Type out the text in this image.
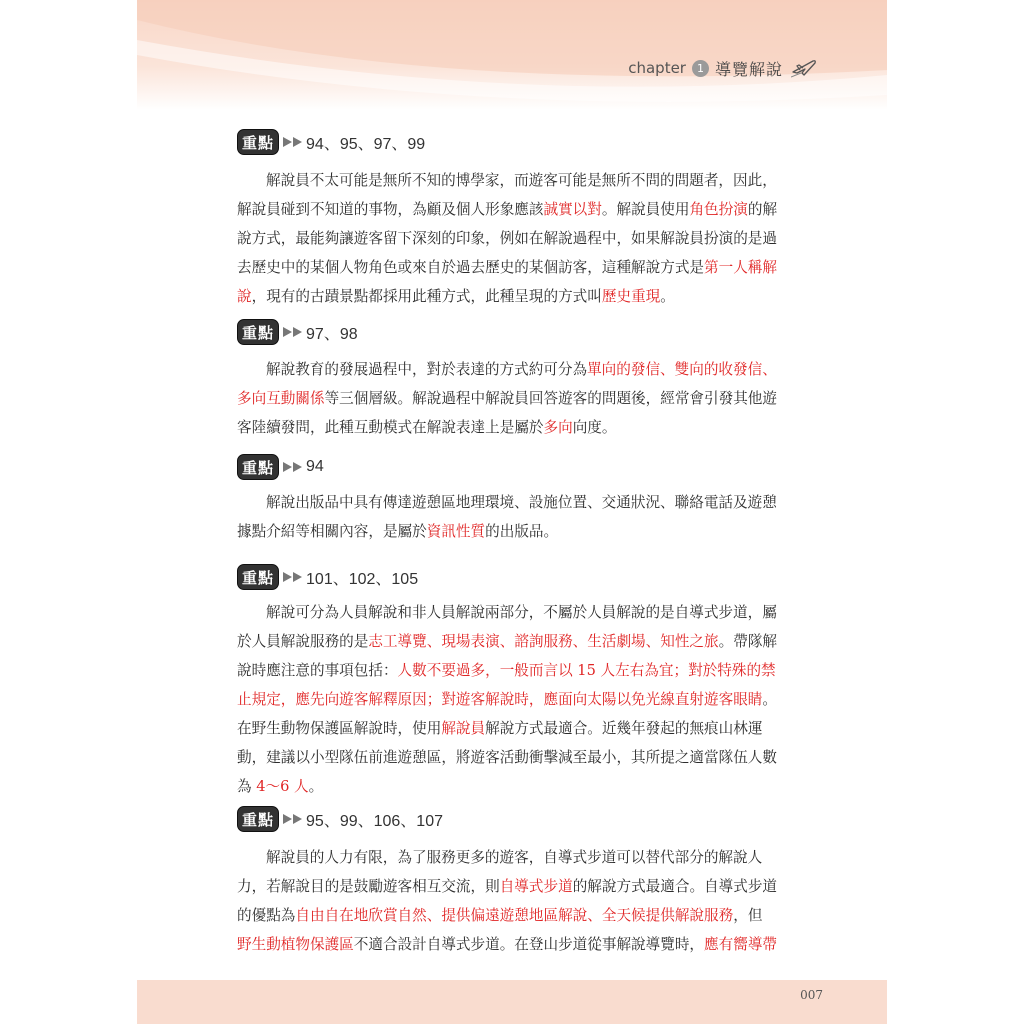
chapter	1 導覽解說
重點	94、95、97、99
解說員不太可能是無所不知的博學家，而遊客可能是無所不問的問題者，因此，
解說員碰到不知道的事物，為顧及個人形象應該誠實以對。解說員使用角色扮演的解
說方式，最能夠讓遊客留下深刻的印象，例如在解說過程中，如果解說員扮演的是過
去歷史中的某個人物角色或來自於過去歷史的某個訪客，這種解說方式是第一人稱解
說，現有的古蹟景點都採用此種方式，此種呈現的方式叫歷史重現。
重點	97、98
解說教育的發展過程中，對於表達的方式約可分為單向的發信、雙向的收發信、
多向互動關係等三個層級。解說過程中解說員回答遊客的問題後，經常會引發其他遊
客陸續發問，此種互動模式在解說表達上是屬於多向向度。
重點	94
解說出版品中具有傳達遊憩區地理環境、設施位置、交通狀況、聯絡電話及遊憩
據點介紹等相關內容，是屬於資訊性質的出版品。
重點	101、102、105
解說可分為人員解說和非人員解說兩部分，不屬於人員解說的是自導式步道，屬
於人員解說服務的是志工導覽、現場表演、諮詢服務、生活劇場、知性之旅。帶隊解
說時應注意的事項包括：人數不要過多，一般而言以 15 人左右為宜；對於特殊的禁
止規定，應先向遊客解釋原因；對遊客解說時，應面向太陽以免光線直射遊客眼睛。
在野生動物保護區解說時，使用解說員解說方式最適合。近幾年發起的無痕山林運
動，建議以小型隊伍前進遊憩區，將遊客活動衝擊減至最小，其所提之適當隊伍人數
為 4～6 人。
重點	95、99、106、107
解說員的人力有限，為了服務更多的遊客，自導式步道可以替代部分的解說人
力，若解說目的是鼓勵遊客相互交流，則自導式步道的解說方式最適合。自導式步道
的優點為自由自在地欣賞自然、提供偏遠遊憩地區解說、全天候提供解說服務，但
野生動植物保護區不適合設計自導式步道。在登山步道從事解說導覽時，應有嚮導帶
007
